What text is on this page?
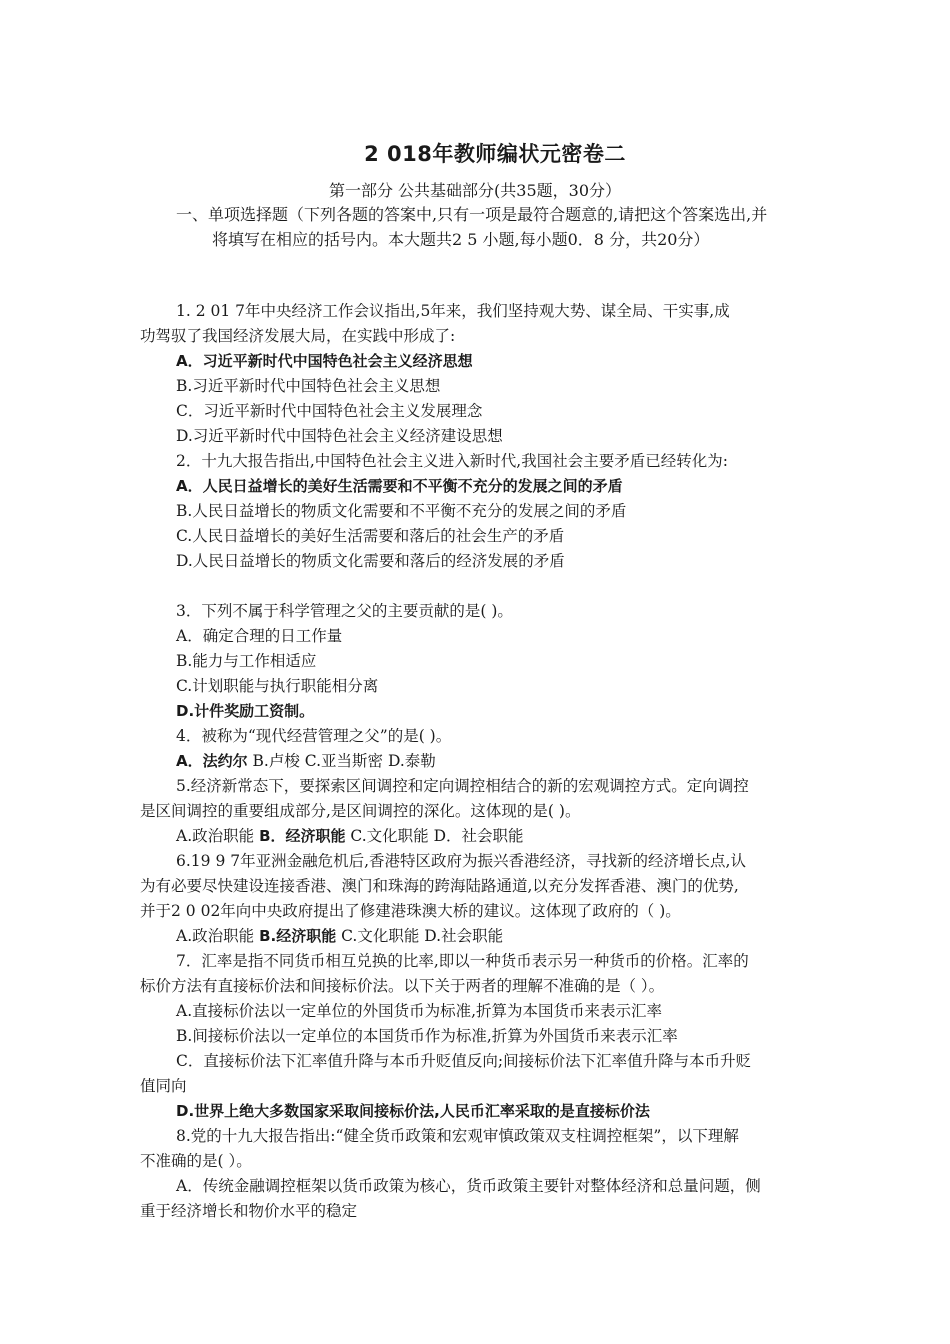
2 018年教师编状元密卷二
第一部分 公共基础部分(共35题，30分）
一、单项选择题（下列各题的答案中,只有一项是最符合题意的,请把这个答案选出,并
将填写在相应的括号内。本大题共2 5 小题,每小题0．8 分，共20分）
1. 2 01 7年中央经济工作会议指出,5年来，我们坚持观大势、谋全局、干实事,成
功驾驭了我国经济发展大局，在实践中形成了:
A．习近平新时代中国特色社会主义经济思想
B.习近平新时代中国特色社会主义思想
C．习近平新时代中国特色社会主义发展理念
D.习近平新时代中国特色社会主义经济建设思想
2．十九大报告指出,中国特色社会主义进入新时代,我国社会主要矛盾已经转化为:
A．人民日益增长的美好生活需要和不平衡不充分的发展之间的矛盾
B.人民日益增长的物质文化需要和不平衡不充分的发展之间的矛盾
C.人民日益增长的美好生活需要和落后的社会生产的矛盾
D.人民日益增长的物质文化需要和落后的经济发展的矛盾
3．下列不属于科学管理之父的主要贡献的是( )。
A．确定合理的日工作量
B.能力与工作相适应
C.计划职能与执行职能相分离
D.计件奖励工资制。
4．被称为“现代经营管理之父”的是( )。
A．法约尔 B.卢梭 C.亚当斯密 D.泰勒
5.经济新常态下，要探索区间调控和定向调控相结合的新的宏观调控方式。定向调控
是区间调控的重要组成部分,是区间调控的深化。这体现的是( )。
A.政治职能 B．经济职能 C.文化职能 D．社会职能
6.19 9 7年亚洲金融危机后,香港特区政府为振兴香港经济，寻找新的经济增长点,认
为有必要尽快建设连接香港、澳门和珠海的跨海陆路通道,以充分发挥香港、澳门的优势,
并于2 0 02年向中央政府提出了修建港珠澳大桥的建议。这体现了政府的（ )。
A.政治职能 B.经济职能 C.文化职能 D.社会职能
7．汇率是指不同货币相互兑换的比率,即以一种货币表示另一种货币的价格。汇率的
标价方法有直接标价法和间接标价法。以下关于两者的理解不准确的是（ ）。
A.直接标价法以一定单位的外国货币为标准,折算为本国货币来表示汇率
B.间接标价法以一定单位的本国货币作为标准,折算为外国货币来表示汇率
C．直接标价法下汇率值升降与本币升贬值反向;间接标价法下汇率值升降与本币升贬
值同向
D.世界上绝大多数国家采取间接标价法,人民币汇率采取的是直接标价法
8.党的十九大报告指出:“健全货币政策和宏观审慎政策双支柱调控框架”，以下理解
不准确的是( ）。
A．传统金融调控框架以货币政策为核心，货币政策主要针对整体经济和总量问题，侧
重于经济增长和物价水平的稳定
